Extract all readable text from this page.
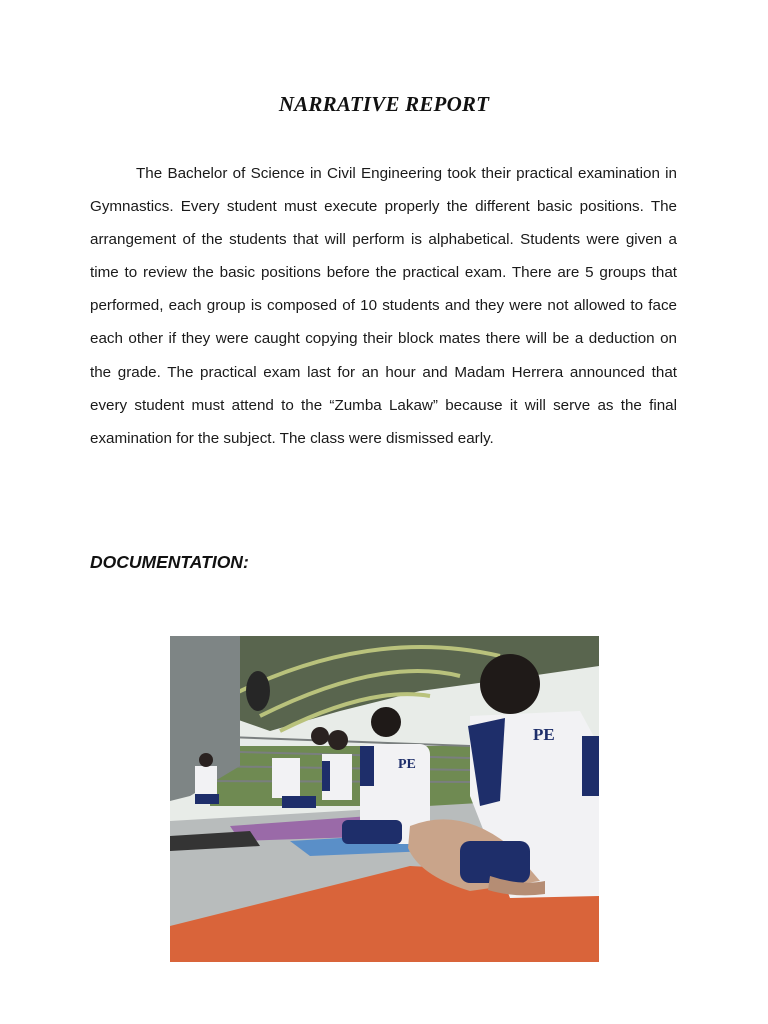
NARRATIVE REPORT

The Bachelor of Science in Civil Engineering took their practical examination in Gymnastics. Every student must execute properly the different basic positions. The arrangement of the students that will perform is alphabetical. Students were given a time to review the basic positions before the practical exam. There are 5 groups that performed, each group is composed of 10 students and they were not allowed to face each other if they were caught copying their block mates there will be a deduction on the grade. The practical exam last for an hour and Madam Herrera announced that every student must attend to the “Zumba Lakaw” because it will serve as the final examination for the subject. The class were dismissed early.

DOCUMENTATION:
PE
PE
